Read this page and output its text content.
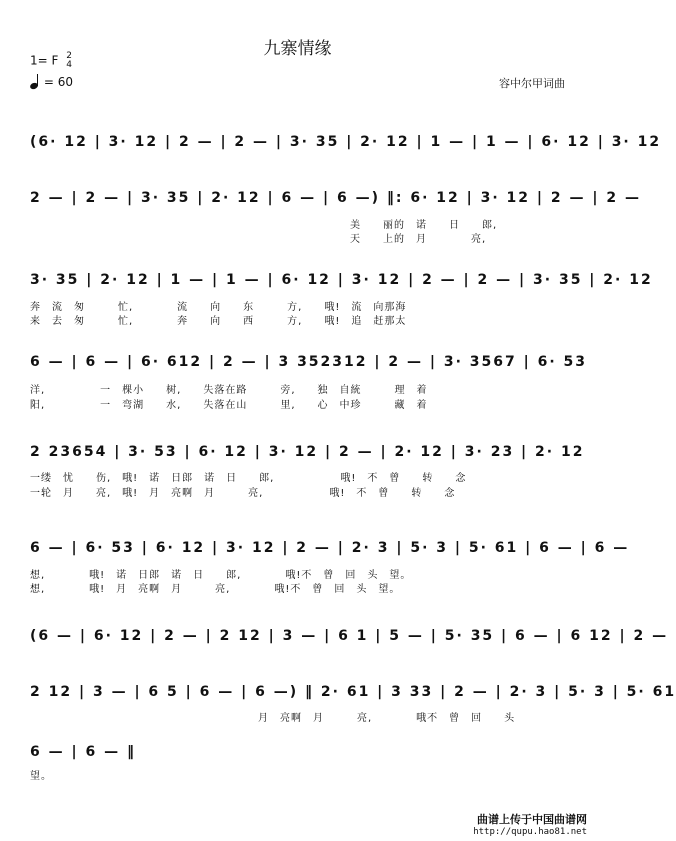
九寨情缘
1= F 2
4
= 60	容中尔甲词曲
(6· 12 | 3· 12 | 2 — | 2 — | 3· 35 | 2· 12 | 1 — | 1 — | 6· 12 | 3· 12
2 — | 2 — | 3· 35 | 2· 12 | 6 — | 6 —) ‖: 6· 12 | 3· 12 | 2 — | 2 —
美　　丽的　诺　　日　　郎,
天　　上的　月　　　　亮,
3· 35 | 2· 12 | 1 — | 1 — | 6· 12 | 3· 12 | 2 — | 2 — | 3· 35 | 2· 12
奔　流　匆　　　忙,　　　　流　　向　　东　　　方,　　哦!　流　向那海
来　去　匆　　　忙,　　　　奔　　向　　西　　　方,　　哦!　追　赶那太
6 — | 6 — | 6· 612 | 2 — | 3 352312 | 2 — | 3· 3567 | 6· 53
洋,　　　　　一　棵小　　树,　　失落在路　　　旁,　　独　自統　　　理　着
阳,　　　　　一　弯湖　　水,　　失落在山　　　里,　　心　中珍　　　藏　着
2 23654 | 3· 53 | 6· 12 | 3· 12 | 2 — | 2· 12 | 3· 23 | 2· 12
一缕　忧　　伤,　哦!　诺　日郎　诺　日　　郎,　　　　　　哦!　不　曾　　转　　念
一轮　月　　亮,　哦!　月　亮啊　月　　　亮,　　　　　　哦!　不　曾　　转　　念
6 — | 6· 53 | 6· 12 | 3· 12 | 2 — | 2· 3 | 5· 3 | 5· 61 | 6 — | 6 —
想,　　　　哦!　诺　日郎　诺　日　　郎,　　　　哦!不　曾　回　头　望。
想,　　　　哦!　月　亮啊　月　　　亮,　　　　哦!不　曾　回　头　望。
(6 — | 6· 12 | 2 — | 2 12 | 3 — | 6 1 | 5 — | 5· 35 | 6 — | 6 12 | 2 —
2 12 | 3 — | 6 5 | 6 — | 6 —) ‖ 2· 61 | 3 33 | 2 — | 2· 3 | 5· 3 | 5· 61
月　亮啊　月　　　亮,　　　　哦不　曾　回　　头
6 — | 6 — ‖
望。
曲谱上传于中国曲谱网
http://qupu.hao81.net
